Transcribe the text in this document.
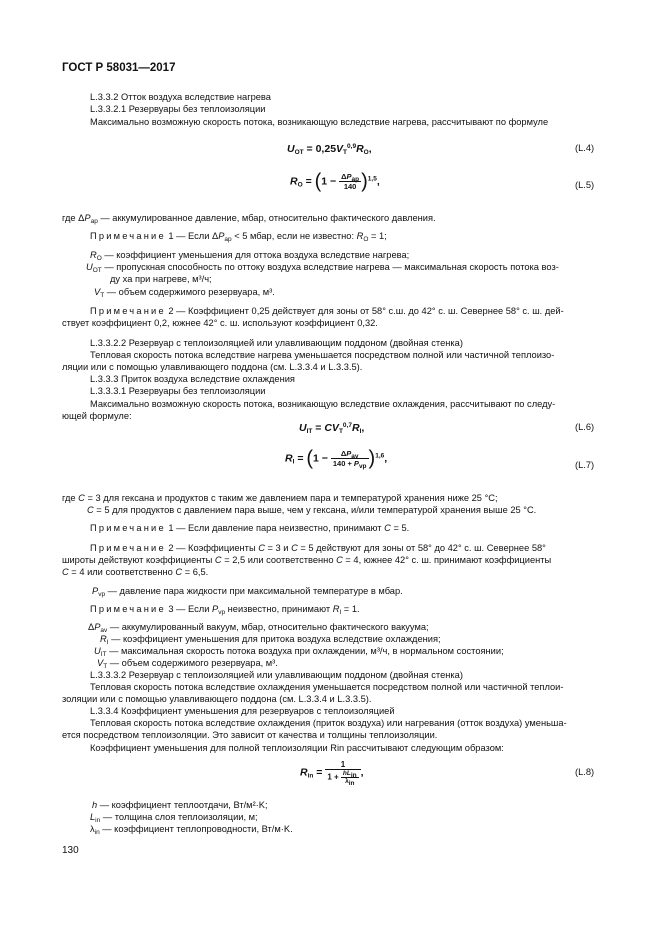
ГОСТ Р 58031—2017
L.3.3.2 Отток воздуха вследствие нагрева
L.3.3.2.1 Резервуары без теплоизоляции
Максимально возможную скорость потока, возникающую вследствие нагрева, рассчитывают по формуле
$U_{OT} = 0,25V_T^{0,9}R_O$,	(L.4)
$R_O = (1 - \frac{\Delta P_{ap}}{140} )^{1,5}$,	(L.5)
где $\Delta P_{ap}$ — аккумулированное давление, мбар, относительно фактического давления.
Примечание 1 — Если $\Delta P_{ap} < 5$ мбар, если не известно: $R_O = 1$;
$R_O$ — коэффициент уменьшения для оттока воздуха вследствие нагрева;
$U_{OT}$ — пропускная способность по оттоку воздуха вследствие нагрева — максимальная скорость потока воз-
ду ха при нагреве, м³/ч;
$V_T$ — объем содержимого резервуара, м³.
Примечание 2 — Коэффициент 0,25 действует для зоны от 58° с.ш. до 42° с. ш. Севернее 58° с. ш. дей-
ствует коэффициент 0,2, южнее 42° с. ш. используют коэффициент 0,32.
L.3.3.2.2 Резервуар с теплоизоляцией или улавливающим поддоном (двойная стенка)
Тепловая скорость потока вследствие нагрева уменьшается посредством полной или частичной теплоизо-
ляции или с помощью улавливающего поддона (см. L.3.3.4 и L.3.3.5).
L.3.3.3 Приток воздуха вследствие охлаждения
L.3.3.3.1 Резервуары без теплоизоляции
Максимально возможную скорость потока, возникающую вследствие охлаждения, рассчитывают по следу-
ющей формуле:
$U_{IT} = CV_T^{0,7}R_I$,	(L.6)
$R_I = (1 - \frac{\Delta P_{av}}{140 + P_{vp}} )^{1,6}$,
(L.7)
где C = 3 для гексана и продуктов с таким же давлением пара и температурой хранения ниже 25 °С;
C = 5 для продуктов с давлением пара выше, чем у гексана, и/или температурой хранения выше 25 °С.
Примечание 1 — Если давление пара неизвестно, принимают C = 5.
Примечание 2 — Коэффициенты C = 3 и C = 5 действуют для зоны от 58° до 42° с. ш. Севернее 58°
широты действуют коэффициенты C = 2,5 или соответственно C = 4, южнее 42° с. ш. принимают коэффициенты
C = 4 или соответственно C = 6,5.
$P_{vp}$ — давление пара жидкости при максимальной температуре в мбар.
Примечание 3 — Если $P_{vp}$ неизвестно, принимают $R_I = 1$.
$\Delta P_{av}$ — аккумулированный вакуум, мбар, относительно фактического вакуума;
$R_I$ — коэффициент уменьшения для притока воздуха вследствие охлаждения;
$U_{IT}$ — максимальная скорость потока воздуха при охлаждении, м³/ч, в нормальном состоянии;
$V_T$ — объем содержимого резервуара, м³.
L.3.3.3.2 Резервуар с теплоизоляцией или улавливающим поддоном (двойная стенка)
Тепловая скорость потока вследствие охлаждения уменьшается посредством полной или частичной теплои-
золяции или с помощью улавливающего поддона (см. L.3.3.4 и L.3.3.5).
L.3.3.4 Коэффициент уменьшения для резервуаров с теплоизоляцией
Тепловая скорость потока вследствие охлаждения (приток воздуха) или нагревания (отток воздуха) уменьша-
ется посредством теплоизоляции. Это зависит от качества и толщины теплоизоляции.
Коэффициент уменьшения для полной теплоизоляции Rin рассчитывают следующим образом:
$R_{in} = \frac{1}{1 + \frac{hL_{in}}{\lambda_{in}}}$ ,	(L.8)
h — коэффициент теплоотдачи, Вт/м²·K;
$L_{in}$ — толщина слоя теплоизоляции, м;
$\lambda_{in}$ — коэффициент теплопроводности, Вт/м·K.
130
